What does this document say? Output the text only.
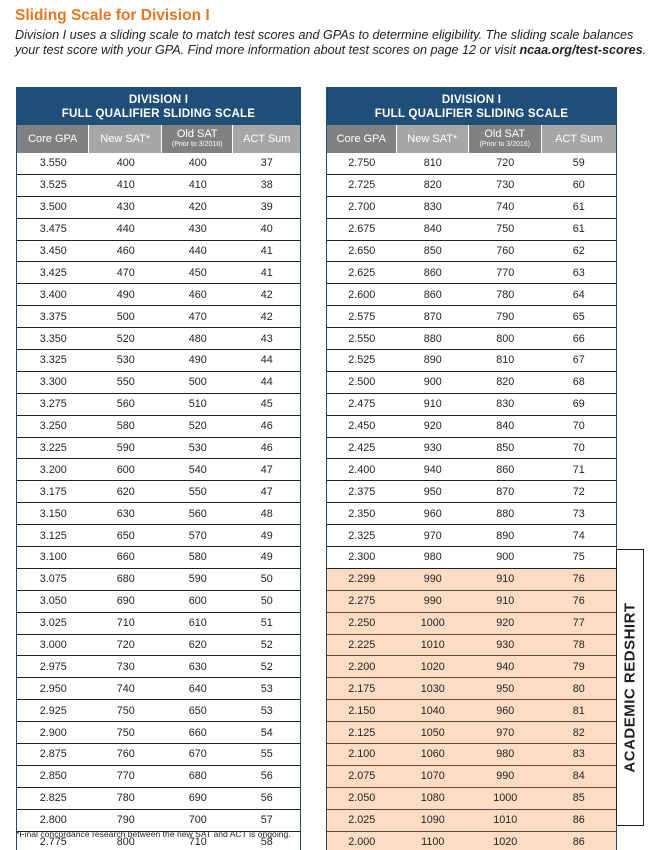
Sliding Scale for Division I

Division I uses a sliding scale to match test scores and GPAs to determine eligibility. The sliding scale balances your test score with your GPA. Find more information about test scores on page 12 or visit ncaa.org/test-scores.

DIVISION I
FULL QUALIFIER SLIDING SCALE
Core GPA New SAT* Old SAT
(Prior to 3/2016) ACT Sum
3.550	400	400	37
3.525	410	410	38
3.500	430	420	39
3.475	440	430	40
3.450	460	440	41
3.425	470	450	41
3.400	490	460	42
3.375	500	470	42
3.350	520	480	43
3.325	530	490	44
3.300	550	500	44
3.275	560	510	45
3.250	580	520	46
3.225	590	530	46
3.200	600	540	47
3.175	620	550	47
3.150	630	560	48
3.125	650	570	49
3.100	660	580	49
3.075	680	590	50
3.050	690	600	50
3.025	710	610	51
3.000	720	620	52
2.975	730	630	52
2.950	740	640	53
2.925	750	650	53
2.900	750	660	54
2.875	760	670	55
2.850	770	680	56
2.825	780	690	56
2.800	790	700	57
2.775	800	710	58
DIVISION I
FULL QUALIFIER SLIDING SCALE
Core GPA New SAT* Old SAT
(Prior to 3/2016) ACT Sum
2.750	810	720	59
2.725	820	730	60
2.700	830	740	61
2.675	840	750	61
2.650	850	760	62
2.625	860	770	63
2.600	860	780	64
2.575	870	790	65
2.550	880	800	66
2.525	890	810	67
2.500	900	820	68
2.475	910	830	69
2.450	920	840	70
2.425	930	850	70
2.400	940	860	71
2.375	950	870	72
2.350	960	880	73
2.325	970	890	74
2.300	980	900	75
2.299	990	910	76
2.275	990	910	76
2.250	1000	920	77
2.225	1010	930	78
2.200	1020	940	79
2.175	1030	950	80
2.150	1040	960	81
2.125	1050	970	82
2.100	1060	980	83
2.075	1070	990	84
2.050	1080	1000	85
2.025	1090	1010	86
2.000	1100	1020	86
ACADEMIC REDSHIRT
*Final concordance research between the new SAT and ACT is ongoing.
